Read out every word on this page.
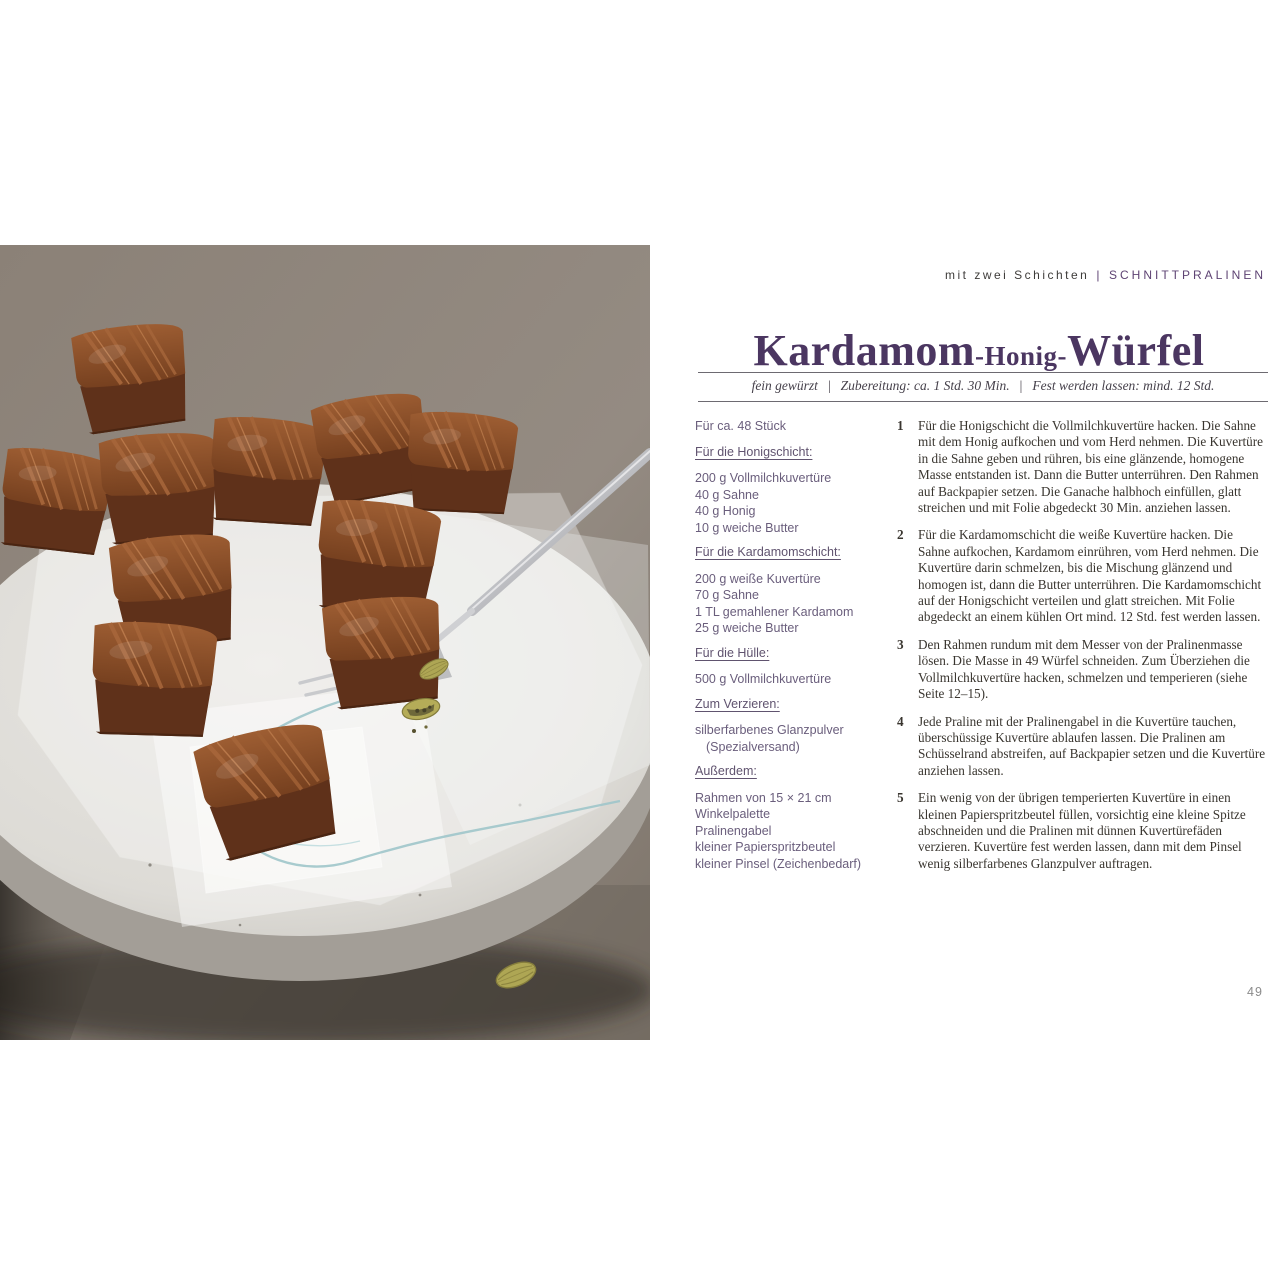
mit zwei Schichten | SCHNITTPRALINEN
Kardamom-Honig-Würfel
fein gewürzt | Zubereitung: ca. 1 Std. 30 Min. | Fest werden lassen: mind. 12 Std.

Für ca. 48 Stück

Für die Honigschicht:

200 g Vollmilchkuvertüre

40 g Sahne

40 g Honig

10 g weiche Butter

Für die Kardamomschicht:

200 g weiße Kuvertüre

70 g Sahne

1 TL gemahlener Kardamom

25 g weiche Butter

Für die Hülle:

500 g Vollmilchkuvertüre

Zum Verzieren:

silberfarbenes Glanzpulver

(Spezialversand)

Außerdem:

Rahmen von 15 × 21 cm

Winkelpalette

Pralinengabel

kleiner Papierspritzbeutel

kleiner Pinsel (Zeichenbedarf)

1	Für die Honigschicht die Vollmilchkuvertüre hacken. Die Sahne mit dem Honig aufkochen und vom Herd nehmen. Die Kuvertüre in die Sahne geben und rühren, bis eine glänzende, homogene Masse entstanden ist. Dann die Butter unterrühren. Den Rahmen auf Backpapier setzen. Die Ganache halbhoch einfüllen, glatt streichen und mit Folie abgedeckt 30 Min. anziehen lassen.
2	Für die Kardamomschicht die weiße Kuvertüre hacken. Die Sahne aufkochen, Kardamom einrühren, vom Herd nehmen. Die Kuvertüre darin schmelzen, bis die Mischung glänzend und homogen ist, dann die Butter unterrühren. Die Kardamomschicht auf der Honigschicht verteilen und glatt streichen. Mit Folie abgedeckt an einem kühlen Ort mind. 12 Std. fest werden lassen.
3	Den Rahmen rundum mit dem Messer von der Pralinenmasse lösen. Die Masse in 49 Würfel schneiden. Zum Überziehen die Vollmilchkuvertüre hacken, schmelzen und temperieren (siehe Seite 12–15).
4	Jede Praline mit der Pralinengabel in die Kuvertüre tauchen, überschüssige Kuvertüre ablaufen lassen. Die Pralinen am Schüsselrand abstreifen, auf Backpapier setzen und die Kuvertüre anziehen lassen.
5	Ein wenig von der übrigen temperierten Kuvertüre in einen kleinen Papierspritzbeutel füllen, vorsichtig eine kleine Spitze abschneiden und die Pralinen mit dünnen Kuvertürefäden verzieren. Kuvertüre fest werden lassen, dann mit dem Pinsel wenig silberfarbenes Glanzpulver auftragen.
49
